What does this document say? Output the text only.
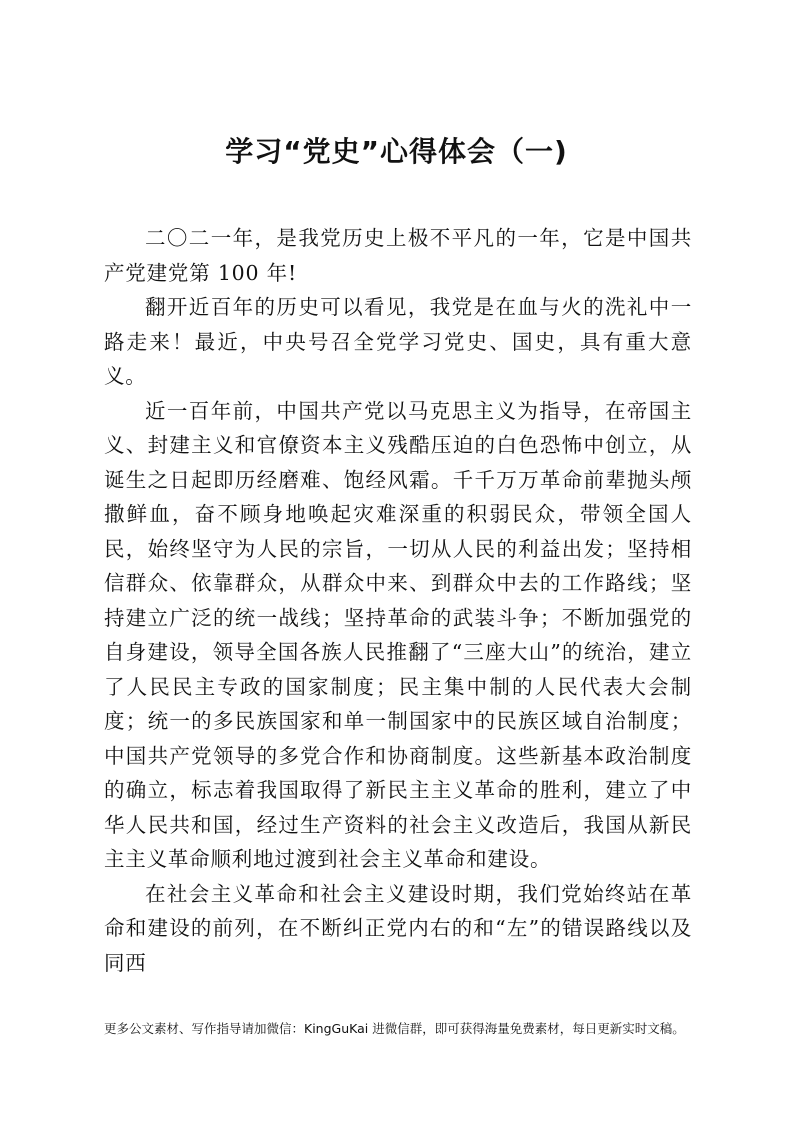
学习“党史”心得体会（一)

二〇二一年，是我党历史上极不平凡的一年，它是中国共产党建党第 100 年!

翻开近百年的历史可以看见，我党是在血与火的洗礼中一路走来！最近，中央号召全党学习党史、国史，具有重大意义。

近一百年前，中国共产党以马克思主义为指导，在帝国主义、封建主义和官僚资本主义残酷压迫的白色恐怖中创立，从诞生之日起即历经磨难、饱经风霜。千千万万革命前辈抛头颅撒鲜血，奋不顾身地唤起灾难深重的积弱民众，带领全国人民，始终坚守为人民的宗旨，一切从人民的利益出发；坚持相信群众、依靠群众，从群众中来、到群众中去的工作路线；坚持建立广泛的统一战线；坚持革命的武装斗争；不断加强党的自身建设，领导全国各族人民推翻了“三座大山”的统治，建立了人民民主专政的国家制度；民主集中制的人民代表大会制度；统一的多民族国家和单一制国家中的民族区域自治制度；中国共产党领导的多党合作和协商制度。这些新基本政治制度的确立，标志着我国取得了新民主主义革命的胜利，建立了中华人民共和国，经过生产资料的社会主义改造后，我国从新民主主义革命顺利地过渡到社会主义革命和建设。

在社会主义革命和社会主义建设时期，我们党始终站在革命和建设的前列，在不断纠正党内右的和“左”的错误路线以及同西

更多公文素材、写作指导请加微信：KingGuKai 进微信群，即可获得海量免费素材，每日更新实时文稿。
